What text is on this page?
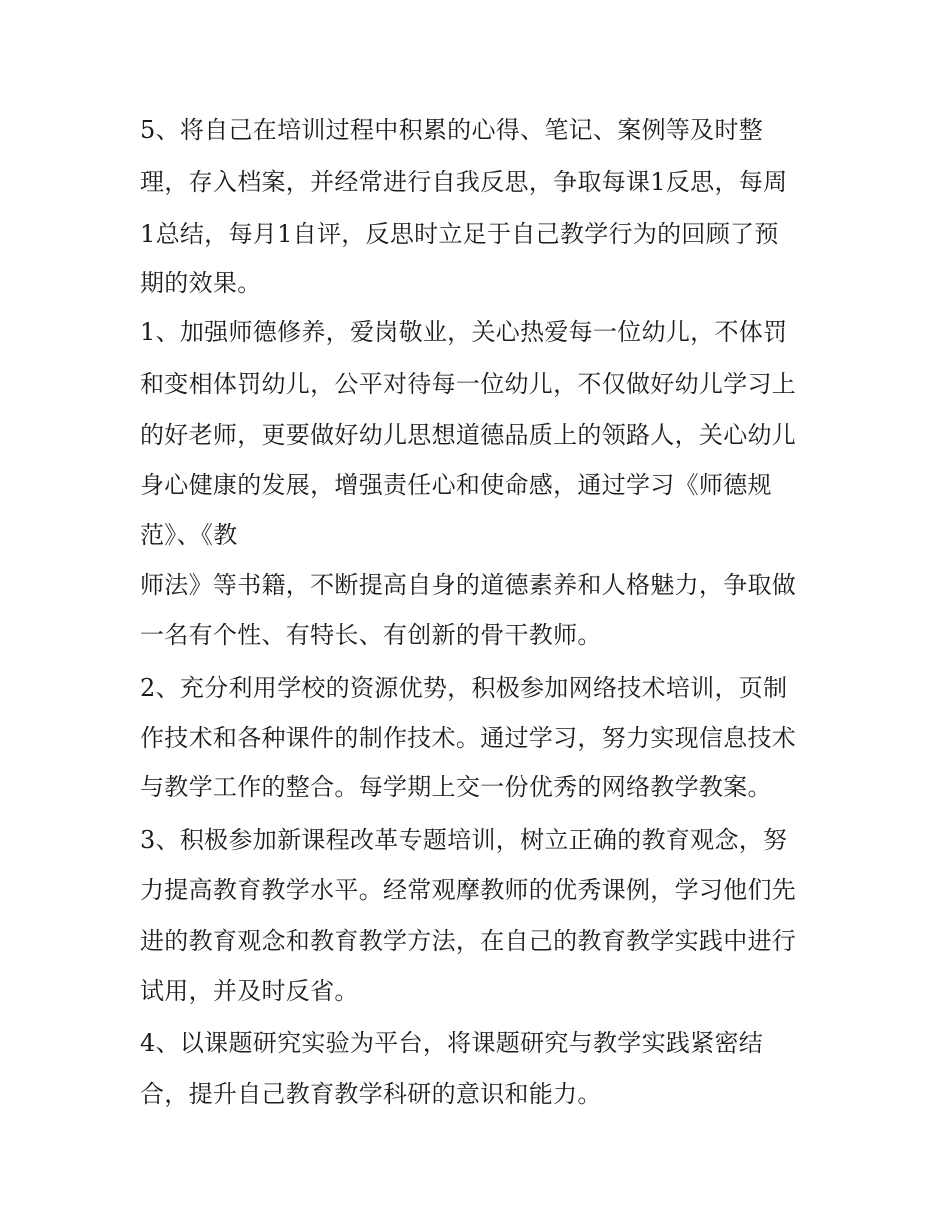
5、将自己在培训过程中积累的心得、笔记、案例等及时整
理，存入档案，并经常进行自我反思，争取每课1反思，每周
1总结，每月1自评，反思时立足于自己教学行为的回顾了预
期的效果。
1、加强师德修养，爱岗敬业，关心热爱每一位幼儿，不体罚
和变相体罚幼儿，公平对待每一位幼儿，不仅做好幼儿学习上
的好老师，更要做好幼儿思想道德品质上的领路人，关心幼儿
身心健康的发展，增强责任心和使命感，通过学习《师德规
范》、《教
师法》等书籍，不断提高自身的道德素养和人格魅力，争取做
一名有个性、有特长、有创新的骨干教师。
2、充分利用学校的资源优势，积极参加网络技术培训，页制
作技术和各种课件的制作技术。通过学习，努力实现信息技术
与教学工作的整合。每学期上交一份优秀的网络教学教案。
3、积极参加新课程改革专题培训，树立正确的教育观念，努
力提高教育教学水平。经常观摩教师的优秀课例，学习他们先
进的教育观念和教育教学方法，在自己的教育教学实践中进行
试用，并及时反省。
4、以课题研究实验为平台，将课题研究与教学实践紧密结
合，提升自己教育教学科研的意识和能力。
